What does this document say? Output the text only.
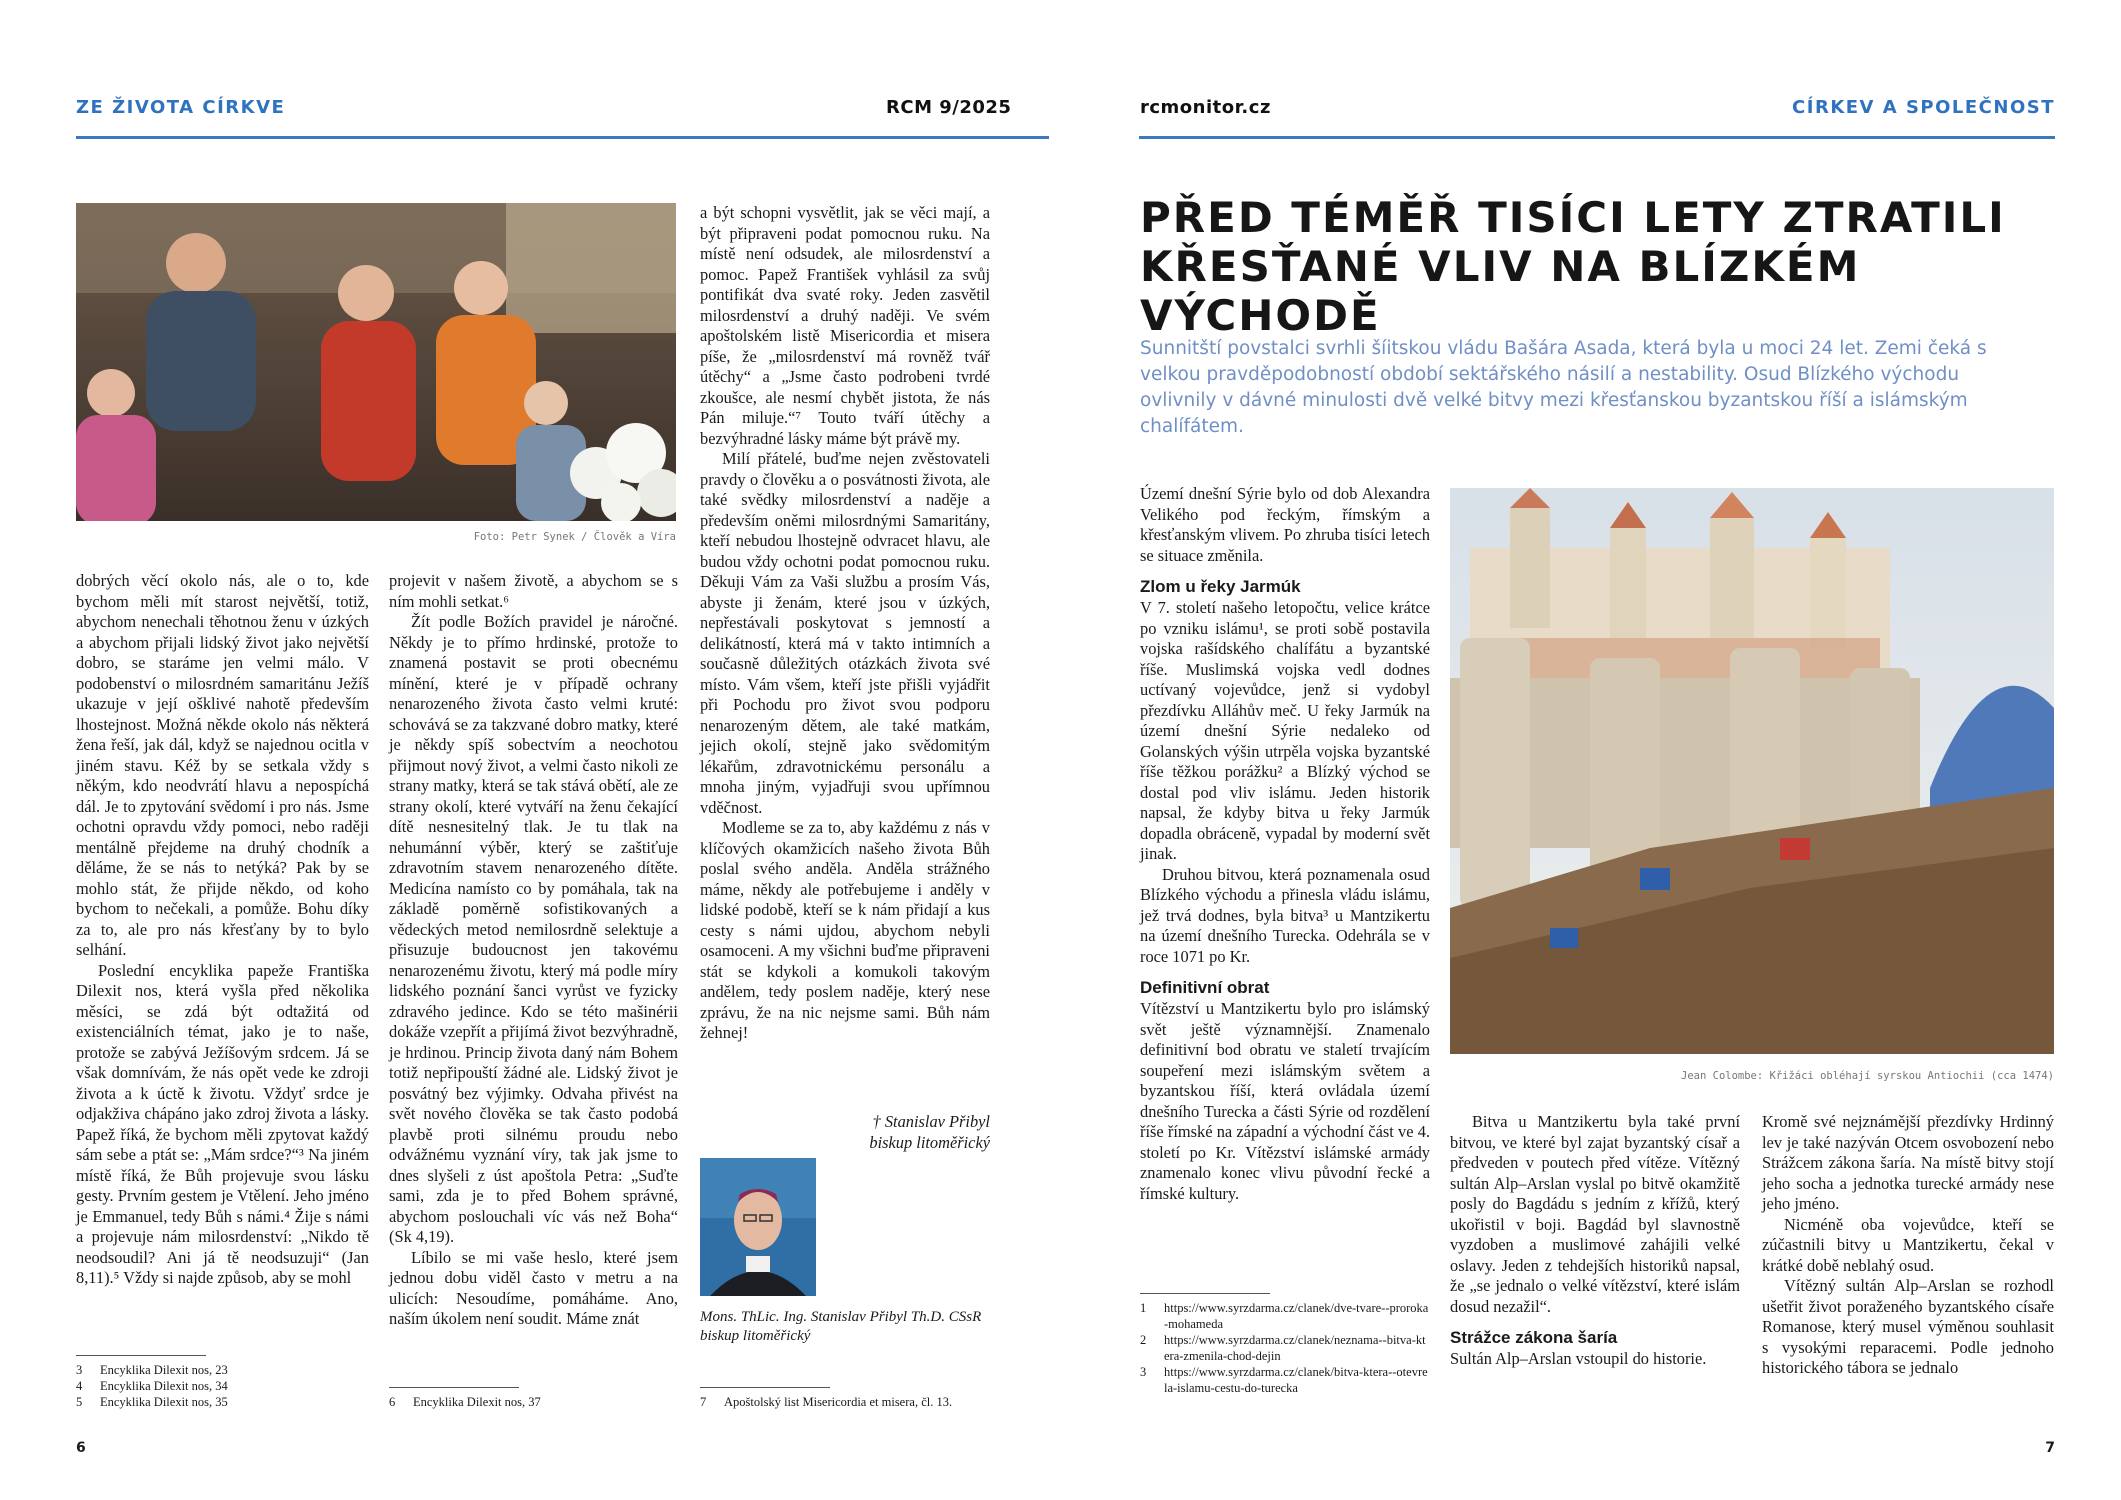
ZE ŽIVOTA CÍRKVE	RCM 9/2025	rcmonitor.cz	CÍRKEV A SPOLEČNOST
Foto: Petr Synek / Člověk a Víra

dobrých věcí okolo nás, ale o to, kde bychom měli mít starost největší, totiž, abychom nenechali těhotnou ženu v úzkých a abychom přijali lidský život jako největší dobro, se staráme jen velmi málo. V podobenství o milosrdném samaritánu Ježíš ukazuje v její ošklivé nahotě především lhostejnost. Možná někde okolo nás některá žena řeší, jak dál, když se najednou ocitla v jiném stavu. Kéž by se setkala vždy s někým, kdo neodvrátí hlavu a nepospíchá dál. Je to zpytování svědomí i pro nás. Jsme ochotni opravdu vždy pomoci, nebo raději mentálně přejdeme na druhý chodník a děláme, že se nás to netýká? Pak by se mohlo stát, že přijde někdo, od koho bychom to nečekali, a pomůže. Bohu díky za to, ale pro nás křesťany by to bylo selhání.

Poslední encyklika papeže Františka Dilexit nos, která vyšla před několika měsíci, se zdá být odtažitá od existenciálních témat, jako je to naše, protože se zabývá Ježíšovým srdcem. Já se však domnívám, že nás opět vede ke zdroji života a k úctě k životu. Vždyť srdce je odjakživa chápáno jako zdroj života a lásky. Papež říká, že bychom měli zpytovat každý sám sebe a ptát se: „Mám srdce?“³ Na jiném místě říká, že Bůh projevuje svou lásku gesty. Prvním gestem je Vtělení. Jeho jméno je Emmanuel, tedy Bůh s námi.⁴ Žije s námi a projevuje nám milosrdenství: „Nikdo tě neodsoudil? Ani já tě neodsuzuji“ (Jan 8,11).⁵ Vždy si najde způsob, aby se mohl

3	Encyklika Dilexit nos, 23
4	Encyklika Dilexit nos, 34
5	Encyklika Dilexit nos, 35

projevit v našem životě, a abychom se s ním mohli setkat.⁶

Žít podle Božích pravidel je náročné. Někdy je to přímo hrdinské, protože to znamená postavit se proti obecnému mínění, které je v případě ochrany nenarozeného života často velmi kruté: schovává se za takzvané dobro matky, které je někdy spíš sobectvím a neochotou přijmout nový život, a velmi často nikoli ze strany matky, která se tak stává obětí, ale ze strany okolí, které vytváří na ženu čekající dítě nesnesitelný tlak. Je tu tlak na nehumánní výběr, který se zaštiťuje zdravotním stavem nenarozeného dítěte. Medicína namísto co by pomáhala, tak na základě poměrně sofistikovaných a vědeckých metod nemilosrdně selektuje a přisuzuje budoucnost jen takovému nenarozenému životu, který má podle míry lidského poznání šanci vyrůst ve fyzicky zdravého jedince. Kdo se této mašinérii dokáže vzepřít a přijímá život bezvýhradně, je hrdinou. Princip života daný nám Bohem totiž nepřipouští žádné ale. Lidský život je posvátný bez výjimky. Odvaha přivést na svět nového člověka se tak často podobá plavbě proti silnému proudu nebo odvážnému vyznání víry, tak jak jsme to dnes slyšeli z úst apoštola Petra: „Suďte sami, zda je to před Bohem správné, abychom poslouchali víc vás než Boha“ (Sk 4,19).

Líbilo se mi vaše heslo, které jsem jednou dobu viděl často v metru a na ulicích: Nesoudíme, pomáháme. Ano, naším úkolem není soudit. Máme znát

6	Encyklika Dilexit nos, 37

a být schopni vysvětlit, jak se věci mají, a být připraveni podat pomocnou ruku. Na místě není odsudek, ale milosrdenství a pomoc. Papež František vyhlásil za svůj pontifikát dva svaté roky. Jeden zasvětil milosrdenství a druhý naději. Ve svém apoštolském listě Misericordia et misera píše, že „milosrdenství má rovněž tvář útěchy“ a „Jsme často podrobeni tvrdé zkoušce, ale nesmí chybět jistota, že nás Pán miluje.“⁷ Touto tváří útěchy a bezvýhradné lásky máme být právě my.

Milí přátelé, buďme nejen zvěstovateli pravdy o člověku a o posvátnosti života, ale také svědky milosrdenství a naděje a především oněmi milosrdnými Samaritány, kteří nebudou lhostejně odvracet hlavu, ale budou vždy ochotni podat pomocnou ruku. Děkuji Vám za Vaši službu a prosím Vás, abyste ji ženám, které jsou v úzkých, nepřestávali poskytovat s jemností a delikátností, která má v takto intimních a současně důležitých otázkách života své místo. Vám všem, kteří jste přišli vyjádřit při Pochodu pro život svou podporu nenarozeným dětem, ale také matkám, jejich okolí, stejně jako svědomitým lékařům, zdravotnickému personálu a mnoha jiným, vyjadřuji svou upřímnou vděčnost.

Modleme se za to, aby každému z nás v klíčových okamžicích našeho života Bůh poslal svého anděla. Anděla strážného máme, někdy ale potřebujeme i anděly v lidské podobě, kteří se k nám přidají a kus cesty s námi ujdou, abychom nebyli osamoceni. A my všichni buďme připraveni stát se kdykoli a komukoli takovým andělem, tedy poslem naděje, který nese zprávu, že na nic nejsme sami. Bůh nám žehnej!

† Stanislav Přibyl
biskup litoměřický
Mons. ThLic. Ing. Stanislav Přibyl Th.D. CSsR
biskup litoměřický
7	Apoštolský list Misericordia et misera, čl. 13.
6
PŘED TÉMĚŘ TISÍCI LETY ZTRATILI
KŘESŤANÉ VLIV NA BLÍZKÉM VÝCHODĚ
Sunnitští povstalci svrhli šíitskou vládu Bašára Asada, která byla u moci 24 let. Zemi čeká s velkou pravděpodobností období sektářského násilí a nestability. Osud Blízkého východu ovlivnily v dávné minulosti dvě velké bitvy mezi křesťanskou byzantskou říší a islámským chalífátem.
Jean Colombe: Křižáci obléhají syrskou Antiochii (cca 1474)

Území dnešní Sýrie bylo od dob Alexandra Velikého pod řeckým, římským a křesťanským vlivem. Po zhruba tisíci letech se situace změnila.

Zlom u řeky Jarmúk

V 7. století našeho letopočtu, velice krátce po vzniku islámu¹, se proti sobě postavila vojska rašídského chalífátu a byzantské říše. Muslimská vojska vedl dodnes uctívaný vojevůdce, jenž si vydobyl přezdívku Alláhův meč. U řeky Jarmúk na území dnešní Sýrie nedaleko od Golanských výšin utrpěla vojska byzantské říše těžkou porážku² a Blízký východ se dostal pod vliv islámu. Jeden historik napsal, že kdyby bitva u řeky Jarmúk dopadla obráceně, vypadal by moderní svět jinak.

Druhou bitvou, která poznamenala osud Blízkého východu a přinesla vládu islámu, jež trvá dodnes, byla bitva³ u Mantzikertu na území dnešního Turecka. Odehrála se v roce 1071 po Kr.

Definitivní obrat

Vítězství u Mantzikertu bylo pro islámský svět ještě významnější. Znamenalo definitivní bod obratu ve staletí trvajícím soupeření mezi islámským světem a byzantskou říší, která ovládala území dnešního Turecka a části Sýrie od rozdělení říše římské na západní a východní část ve 4. století po Kr. Vítězství islámské armády znamenalo konec vlivu původní řecké a římské kultury.

1	https://www.syrzdarma.cz/clanek/dve-tvare--proroka-mohameda
2	https://www.syrzdarma.cz/clanek/neznama--bitva-ktera-zmenila-chod-dejin
3	https://www.syrzdarma.cz/clanek/bitva-ktera--otevrela-islamu-cestu-do-turecka

Bitva u Mantzikertu byla také první bitvou, ve které byl zajat byzantský císař a předveden v poutech před vítěze. Vítězný sultán Alp–Arslan vyslal po bitvě okamžitě posly do Bagdádu s jedním z křížů, který ukořistil v boji. Bagdád byl slavnostně vyzdoben a muslimové zahájili velké oslavy. Jeden z tehdejších historiků napsal, že „se jednalo o velké vítězství, které islám dosud nezažil“.

Strážce zákona šaría

Sultán Alp–Arslan vstoupil do historie.

Kromě své nejznámější přezdívky Hrdinný lev je také nazýván Otcem osvobození nebo Strážcem zákona šaría. Na místě bitvy stojí jeho socha a jednotka turecké armády nese jeho jméno.

Nicméně oba vojevůdce, kteří se zúčastnili bitvy u Mantzikertu, čekal v krátké době neblahý osud.

Vítězný sultán Alp–Arslan se rozhodl ušetřit život poraženého byzantského císaře Romanose, který musel výměnou souhlasit s vysokými reparacemi. Podle jednoho historického tábora se jednalo

7
